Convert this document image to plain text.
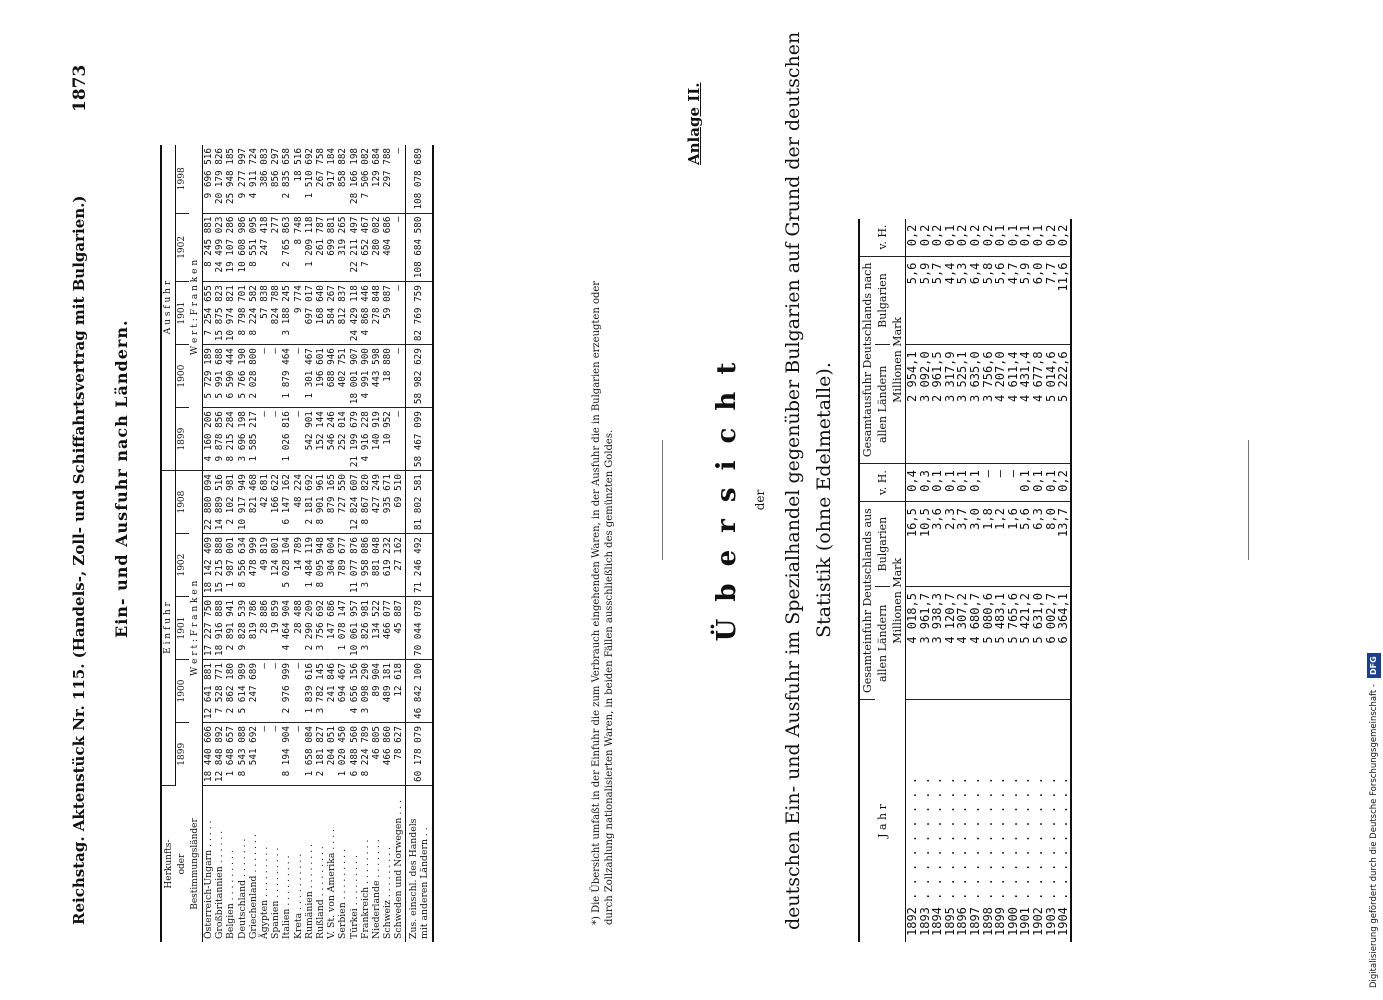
Reichstag. Aktenstück Nr. 115. (Handels-, Zoll- und Schiffahrtsvertrag mit Bulgarien.)
1873
Ein- und Ausfuhr nach Ländern.
Herkunfts- oder Bestimmungsländer	E i n f u h r					A u s f u h r				
	1899	1900	1901	1902	1908	1899	1900	1901	1902	1998
	W e r t : F r a n k e n					W e r t : F r a n k e n				
Österreich-Ungarn . . . . .	18 440 606	12 641 881	17 227 750	18 142 409	22 880 094	4 160 206	5 729 189	7 254 655	8 245 881	9 696 516
Großbritannien . . . . . .	12 848 892	7 528 771	18 916 888	15 215 888	14 889 516	9 878 856	5 991 688	15 875 823	24 499 023	20 179 826
Belgien . . . . . . . . .	1 648 657	2 862 180	2 891 941	1 987 001	2 102 981	8 215 284	6 590 444	10 974 821	19 107 286	25 948 185
Deutschland . . . . . . .	8 543 088	5 614 989	9 828 539	8 556 634	10 917 949	3 696 198	5 766 190	8 798 701	10 608 986	9 277 997
Griechenland . . . . . . .	541 692	247 689	819 786	478 999	821 468	1 585 217	2 028 800	8 224 582	8 551 095	4 911 724
Ägypten . . . . . . . . .	—	—	28 886	49 819	42 681	—	—	57 838	247 418	386 083
Spanien . . . . . . . . .	—	—	19 859	124 801	166 622	—	—	824 788	277	856 297
Italien . . . . . . . . .	8 194 904	2 976 999	4 464 904	5 028 104	6 147 162	1 026 816	1 879 464	3 188 245	2 765 863	2 835 658
Kreta . . . . . . . . . .	—	—	28 488	14 789	48 224	—	—	9 774	8 748	18 516
Rumänien . . . . . . . .	1 658 084	1 839 616	2 290 209	1 484 119	2 181 692	542 901	1 301 467	697 017	1 209 118	1 510 692
Rußland . . . . . . . . .	2 181 827	3 782 145	3 756 692	8 095 948	8 901 961	152 144	196 601	168 640	261 787	267 758
V. St. von Amerika . . . .	204 051	241 846	147 686	304 004	879 165	546 246	688 946	584 267	699 881	917 184
Serbien . . . . . . . . .	1 020 450	694 467	1 078 147	789 677	727 550	252 014	402 751	812 837	319 265	858 882
Türkei . . . . . . . . .	6 488 560	4 656 156	10 061 957	11 077 876	12 824 607	21 199 679	18 001 907	24 429 118	22 211 497	28 166 198
Frankreich . . . . . . . .	8 224 789	3 098 290	3 826 981	3 958 086	8 867 820	4 916 228	4 991 900	4 868 446	7 652 467	7 506 082
Niederlande . . . . . . .	46 805	89 904	134 522	881 048	427 249	140 919	443 598	278 848	280 082	129 684
Schweiz . . . . . . . . .	466 860	489 181	466 077	619 232	935 671	10 952	18 880	59 087	404 686	297 788
Schweden und Norwegen . . .	78 627	12 618	45 887	27 162	69 510	—	—	—	—	—

Zus. einschl. des Handels mit anderen Ländern . .	60 178 079	46 842 100	70 044 078	71 246 492	81 802 581	58 467 099	58 982 629	82 769 759	108 684 580	108 078 689
*) Die Übersicht umfaßt in der Einfuhr die zum Verbrauch eingehenden Waren, in der Ausfuhr die in Bulgarien erzeugten oder durch Zollzahlung nationalisierten Waren, in beiden Fällen ausschließlich des gemünzten Goldes.
Anlage II.
Ü b e r s i c h t der deutschen Ein- und Ausfuhr im Spezialhandel gegenüber Bulgarien auf Grund der deutschen Statistik (ohne Edelmetalle).
J a h r	Gesamteinfuhr Deutschlands aus		v. H.	Gesamtausfuhr Deutschlands nach		v. H.
	allen Ländern	Bulgarien		allen Ländern	Bulgarien	
	Millionen Mark			Millionen Mark		
1892 . . . . . . . . .	4 018,5	16,5	0,4	2 954,1	5,6	0,2
1893 . . . . . . . . .	3 961,7	10,5	0,3	3 092,0	5,9	0,2
1894 . . . . . . . . .	3 938,3	3,6	0,1	2 961,5	5,7	0,2
1895 . . . . . . . . .	4 120,7	2,3	0,1	3 317,9	4,4	0,1
1896 . . . . . . . . .	4 307,2	3,7	0,1	3 525,1	5,3	0,2
1897 . . . . . . . . .	4 680,7	3,0	0,1	3 635,0	6,4	0,2
1898 . . . . . . . . .	5 080,6	1,8	—	3 756,6	5,8	0,2
1899 . . . . . . . . .	5 483,1	1,2	—	4 207,0	5,6	0,1
1900 . . . . . . . . .	5 765,6	1,6	—	4 611,4	4,7	0,1
1901 . . . . . . . . .	5 421,2	5,6	0,1	4 431,4	5,9	0,1
1902 . . . . . . . . .	5 631,0	6,3	0,1	4 677,8	6,0	0,1
1903 . . . . . . . . .	6 002,7	8,0	0,1	5 014,6	7,7	0,2
1904 . . . . . . . . .	6 364,1	13,7	0,2	5 222,6	11,6	0,2
Digitalisierung gefördert durch die Deutsche Forschungsgemeinschaft -DFG
